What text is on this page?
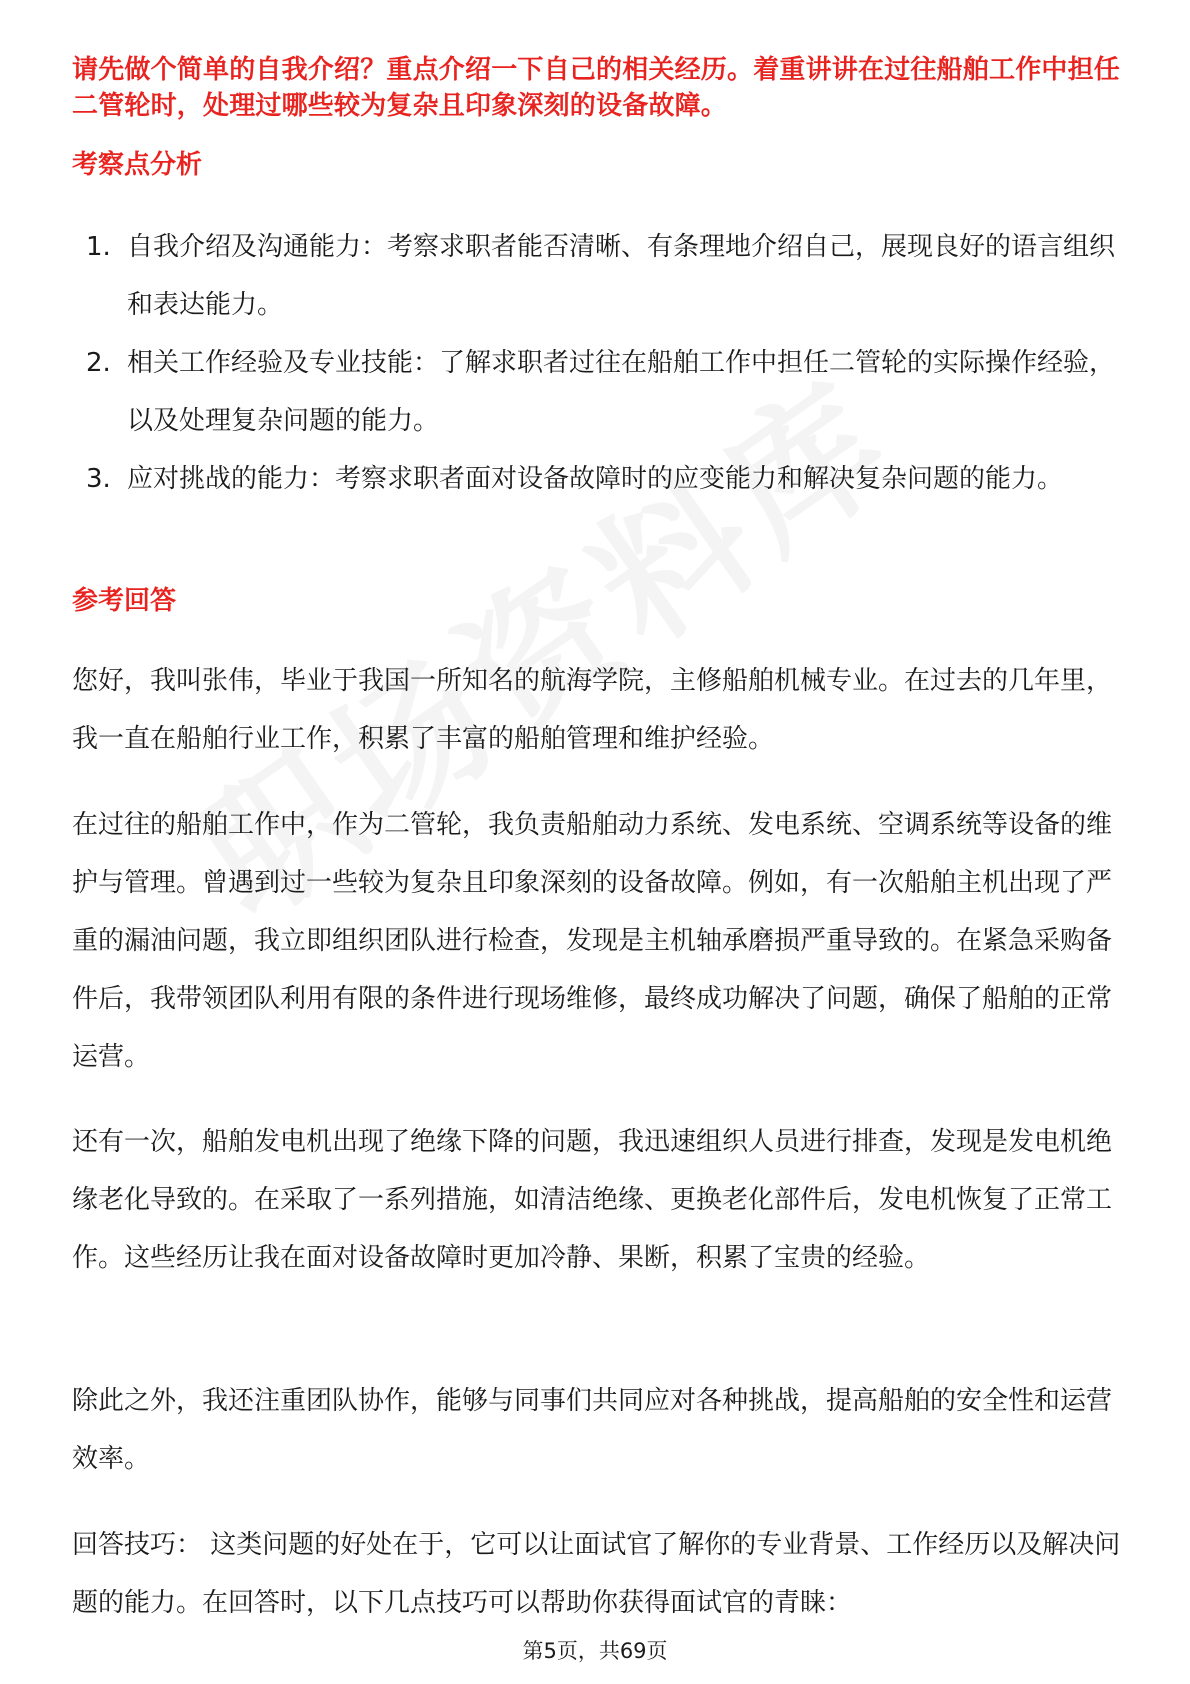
请先做个简单的自我介绍？重点介绍一下自己的相关经历。着重讲讲在过往船舶工作中担任二管轮时，处理过哪些较为复杂且印象深刻的设备故障。
考察点分析
1. 自我介绍及沟通能力：考察求职者能否清晰、有条理地介绍自己，展现良好的语言组织和表达能力。
2. 相关工作经验及专业技能：了解求职者过往在船舶工作中担任二管轮的实际操作经验，以及处理复杂问题的能力。
3. 应对挑战的能力：考察求职者面对设备故障时的应变能力和解决复杂问题的能力。
参考回答

您好，我叫张伟，毕业于我国一所知名的航海学院，主修船舶机械专业。在过去的几年里，我一直在船舶行业工作，积累了丰富的船舶管理和维护经验。

在过往的船舶工作中，作为二管轮，我负责船舶动力系统、发电系统、空调系统等设备的维护与管理。曾遇到过一些较为复杂且印象深刻的设备故障。例如，有一次船舶主机出现了严重的漏油问题，我立即组织团队进行检查，发现是主机轴承磨损严重导致的。在紧急采购备件后，我带领团队利用有限的条件进行现场维修，最终成功解决了问题，确保了船舶的正常运营。

还有一次，船舶发电机出现了绝缘下降的问题，我迅速组织人员进行排查，发现是发电机绝缘老化导致的。在采取了一系列措施，如清洁绝缘、更换老化部件后，发电机恢复了正常工作。这些经历让我在面对设备故障时更加冷静、果断，积累了宝贵的经验。

除此之外，我还注重团队协作，能够与同事们共同应对各种挑战，提高船舶的安全性和运营效率。

回答技巧： 这类问题的好处在于，它可以让面试官了解你的专业背景、工作经历以及解决问题的能力。在回答时，以下几点技巧可以帮助你获得面试官的青睐：

第5页，共69页
